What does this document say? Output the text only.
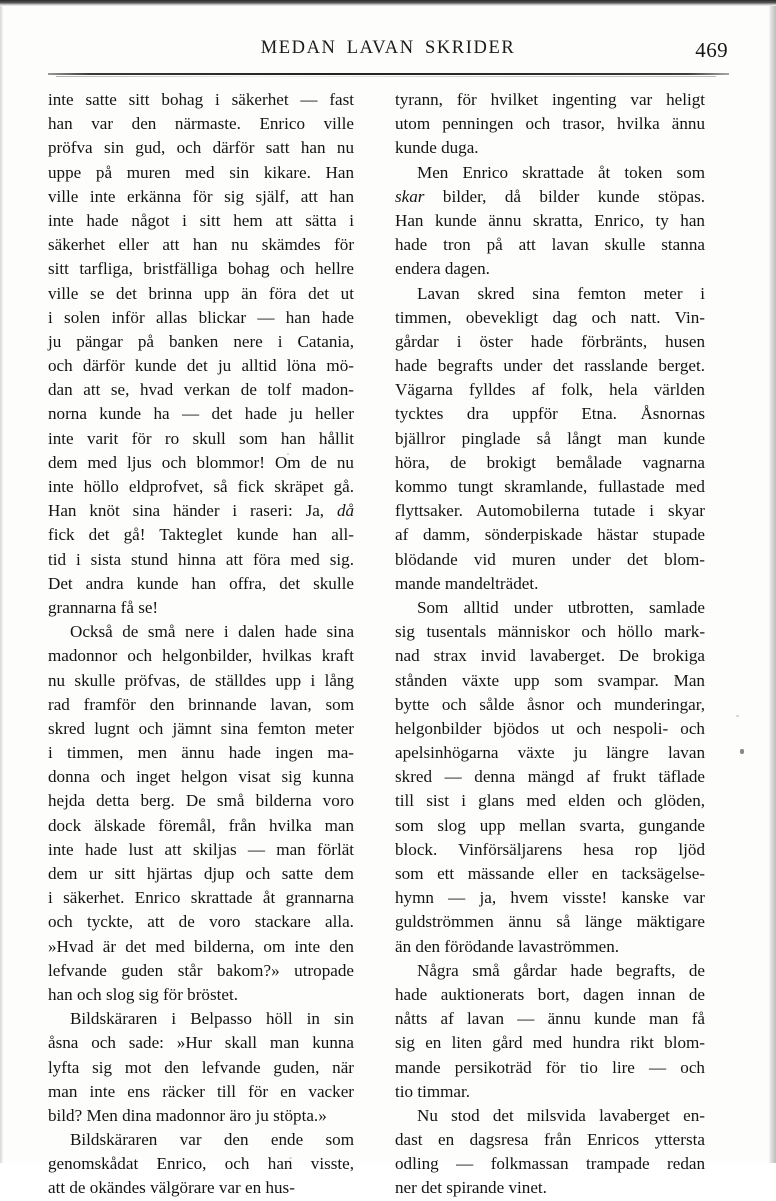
MEDAN LAVAN SKRIDER	469

inte satte sitt bohag i säkerhet — fast
han var den närmaste. Enrico ville
pröfva sin gud, och därför satt han nu
uppe på muren med sin kikare. Han
ville inte erkänna för sig själf, att han
inte hade något i sitt hem att sätta i
säkerhet eller att han nu skämdes för
sitt tarfliga, bristfälliga bohag och hellre
ville se det brinna upp än föra det ut
i solen inför allas blickar — han hade
ju pängar på banken nere i Catania,
och därför kunde det ju alltid löna mö-
dan att se, hvad verkan de tolf madon-
norna kunde ha — det hade ju heller
inte varit för ro skull som han hållit
dem med ljus och blommor! Om de nu
inte höllo eldprofvet, så fick skräpet gå.
Han knöt sina händer i raseri: Ja, då
fick det gå! Takteglet kunde han all-
tid i sista stund hinna att föra med sig.
Det andra kunde han offra, det skulle
grannarna få se!

Också de små nere i dalen hade sina
madonnor och helgonbilder, hvilkas kraft
nu skulle pröfvas, de ställdes upp i lång
rad framför den brinnande lavan, som
skred lugnt och jämnt sina femton meter
i timmen, men ännu hade ingen ma-
donna och inget helgon visat sig kunna
hejda detta berg. De små bilderna voro
dock älskade föremål, från hvilka man
inte hade lust att skiljas — man förlät
dem ur sitt hjärtas djup och satte dem
i säkerhet. Enrico skrattade åt grannarna
och tyckte, att de voro stackare alla.
»Hvad är det med bilderna, om inte den
lefvande guden står bakom?» utropade
han och slog sig för bröstet.

Bildskäraren i Belpasso höll in sin
åsna och sade: »Hur skall man kunna
lyfta sig mot den lefvande guden, när
man inte ens räcker till för en vacker
bild? Men dina madonnor äro ju stöpta.»

Bildskäraren var den ende som
genomskådat Enrico, och han visste,
att de okändes välgörare var en hus-

tyrann, för hvilket ingenting var heligt
utom penningen och trasor, hvilka ännu
kunde duga.

Men Enrico skrattade åt token som
skar bilder, då bilder kunde stöpas.
Han kunde ännu skratta, Enrico, ty han
hade tron på att lavan skulle stanna
endera dagen.

Lavan skred sina femton meter i
timmen, obevekligt dag och natt. Vin-
gårdar i öster hade förbränts, husen
hade begrafts under det rasslande berget.
Vägarna fylldes af folk, hela världen
tycktes dra uppför Etna. Åsnornas
bjällror pinglade så långt man kunde
höra, de brokigt bemålade vagnarna
kommo tungt skramlande, fullastade med
flyttsaker. Automobilerna tutade i skyar
af damm, sönderpiskade hästar stupade
blödande vid muren under det blom-
mande mandelträdet.

Som alltid under utbrotten, samlade
sig tusentals människor och höllo mark-
nad strax invid lavaberget. De brokiga
stånden växte upp som svampar. Man
bytte och sålde åsnor och munderingar,
helgonbilder bjödos ut och nespoli- och
apelsinhögarna växte ju längre lavan
skred — denna mängd af frukt täflade
till sist i glans med elden och glöden,
som slog upp mellan svarta, gungande
block. Vinförsäljarens hesa rop ljöd
som ett mässande eller en tacksägelse-
hymn — ja, hvem visste! kanske var
guldströmmen ännu så länge mäktigare
än den förödande lavaströmmen.

Några små gårdar hade begrafts, de
hade auktionerats bort, dagen innan de
nåtts af lavan — ännu kunde man få
sig en liten gård med hundra rikt blom-
mande persikoträd för tio lire — och
tio timmar.

Nu stod det milsvida lavaberget en-
dast en dagsresa från Enricos yttersta
odling — folkmassan trampade redan
ner det spirande vinet.
